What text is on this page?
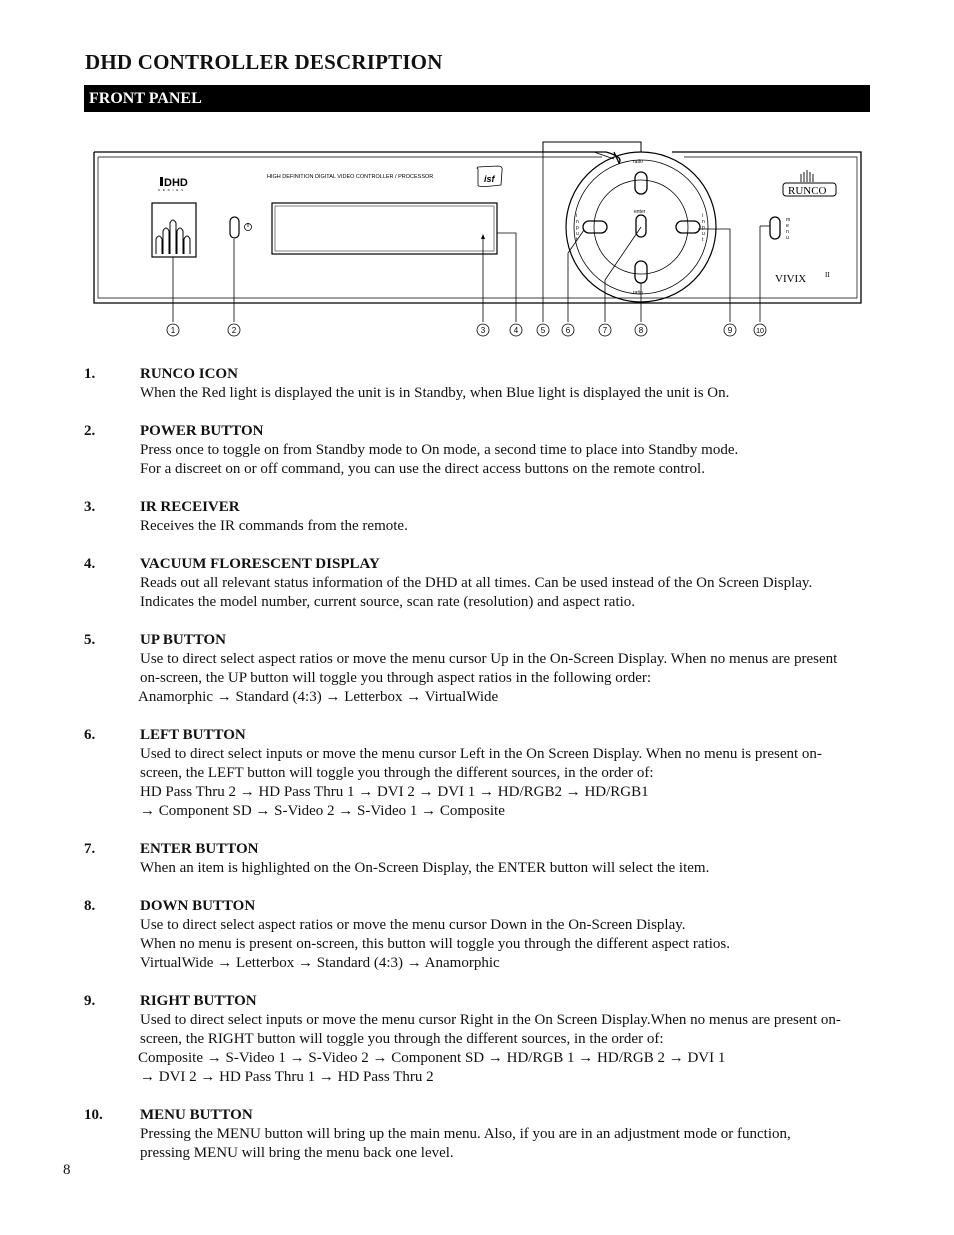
DHD CONTROLLER DESCRIPTION
FRONT PANEL
DHD
S E R I E S
HIGH DEFINITION DIGITAL VIDEO CONTROLLER / PROCESSOR	isf
ratio
ratio
enter
i
n
p
u
t
i
n
p
u
t
m
e
n
u
RUNCO
VIVIX	II
1	2	3	4	5	6	7	8	9	10
1.	RUNCO ICON
When the Red light is displayed the unit is in Standby, when Blue light is displayed the unit is On.
2.	POWER BUTTON
Press once to toggle on from Standby mode to On mode, a second time to place into Standby mode.
For a discreet on or off command, you can use the direct access buttons on the remote control.
3.	IR RECEIVER
Receives the IR commands from the remote.
4.	VACUUM FLORESCENT DISPLAY
Reads out all relevant status information of the DHD at all times. Can be used instead of the On Screen Display.
Indicates the model number, current source, scan rate (resolution) and aspect ratio.
5.	UP BUTTON
Use to direct select aspect ratios or move the menu cursor Up in the On-Screen Display. When no menus are present
on-screen, the UP button will toggle you through aspect ratios in the following order:
Anamorphic → Standard (4:3) → Letterbox → VirtualWide
6.	LEFT BUTTON
Used to direct select inputs or move the menu cursor Left in the On Screen Display. When no menu is present on-
screen, the LEFT button will toggle you through the different sources, in the order of:
HD Pass Thru 2 → HD Pass Thru 1 → DVI 2 → DVI 1 → HD/RGB2 → HD/RGB1
→ Component SD → S-Video 2 → S-Video 1 → Composite
7.	ENTER BUTTON
When an item is highlighted on the On-Screen Display, the ENTER button will select the item.
8.	DOWN BUTTON
Use to direct select aspect ratios or move the menu cursor Down in the On-Screen Display.
When no menu is present on-screen, this button will toggle you through the different aspect ratios.
VirtualWide → Letterbox → Standard (4:3) → Anamorphic
9.	RIGHT BUTTON
Used to direct select inputs or move the menu cursor Right in the On Screen Display.When no menus are present on-
screen, the RIGHT button will toggle you through the different sources, in the order of:
Composite → S-Video 1 → S-Video 2 → Component SD → HD/RGB 1 → HD/RGB 2 → DVI 1
→ DVI 2 → HD Pass Thru 1 → HD Pass Thru 2
10. MENU BUTTON
Pressing the MENU button will bring up the main menu. Also, if you are in an adjustment mode or function,
pressing MENU will bring the menu back one level.
8
